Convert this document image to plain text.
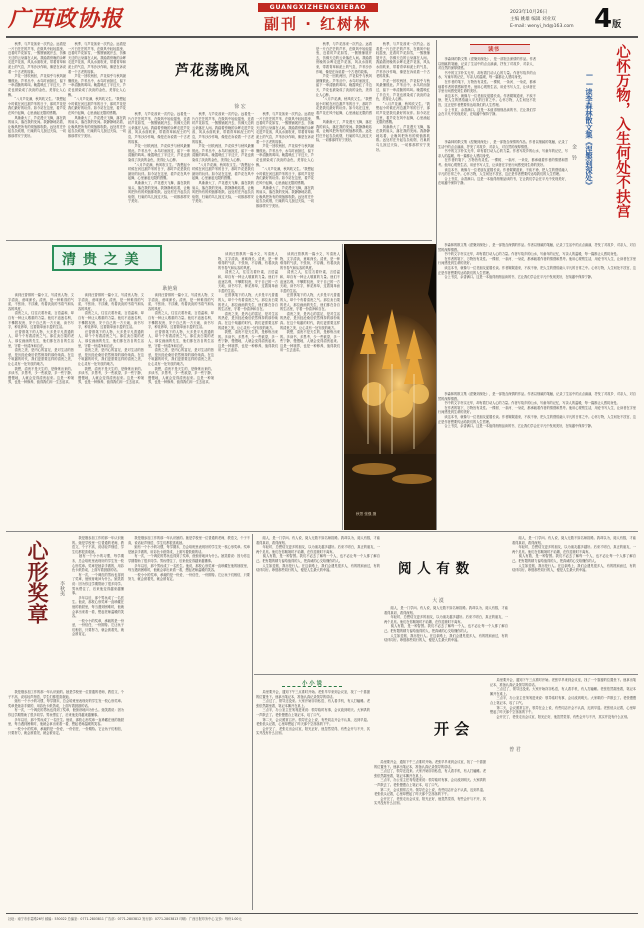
广西政协报	GUANGXIZHENGXIEBAO
副刊 · 红树林
2023年10月26日
主编 姚雄 编辑 刘业双
E-mail: wenyi_hd@163.com 4版
芦花荡晚风
徐 宏
　　秋季，与芦花荡来一次约会。远看是一片白茫茫的芦苇，在微风中轻轻摇曳，近看时芦花如雪，一簇簇铺展开去，仿佛天边的云朵落在人间。我踏着傍晚的余晖走进芦花荡，风从水面吹来，带着青草和泥土的气息，芦苇沙沙作响，像是在诉说着一个古老的故事。
　　芦花一回吹两回，芦花似乎与秋风最懂彼此。芦苇丛中，水鸟时而掠过，留下一串清脆的鸣叫。晚霞映红了半边天，芦花也被染成了淡淡的金色，美得让人心醉。
　　“八月芦花满，秋风吹又生。”我想起小时候在河边割芦苇的日子，那时芦花是我们最好的玩伴。如今站在这里，看芦花在风中起舞，心里涌起无限的感慨。
　　风渐渐大了，芦花漫天飞舞，落在我的肩头，落在我的发间。我静静地站着，让晚风把所有的烦恼都吹散。远处村庄升起袅袅炊烟，归巢的鸟儿掠过天际，一切都那样安宁美好。
　　秋季，与芦花荡来一次约会。远看是一片白茫茫的芦苇，在微风中轻轻摇曳，近看时芦花如雪，一簇簇铺展开去，仿佛天边的云朵落在人间。我踏着傍晚的余晖走进芦花荡，风从水面吹来，带着青草和泥土的气息，芦苇沙沙作响，像是在诉说着一个古老的故事。
　　芦花一回吹两回，芦花似乎与秋风最懂彼此。芦苇丛中，水鸟时而掠过，留下一串清脆的鸣叫。晚霞映红了半边天，芦花也被染成了淡淡的金色，美得让人心醉。
　　“八月芦花满，秋风吹又生。”我想起小时候在河边割芦苇的日子，那时芦花是我们最好的玩伴。如今站在这里，看芦花在风中起舞，心里涌起无限的感慨。
　　风渐渐大了，芦花漫天飞舞，落在我的肩头，落在我的发间。我静静地站着，让晚风把所有的烦恼都吹散。远处村庄升起袅袅炊烟，归巢的鸟儿掠过天际，一切都那样安宁美好。
　　秋季，与芦花荡来一次约会。远看是一片白茫茫的芦苇，在微风中轻轻摇曳，近看时芦花如雪，一簇簇铺展开去，仿佛天边的云朵落在人间。我踏着傍晚的余晖走进芦花荡，风从水面吹来，带着青草和泥土的气息，芦苇沙沙作响，像是在诉说着一个古老的故事。
　　芦花一回吹两回，芦花似乎与秋风最懂彼此。芦苇丛中，水鸟时而掠过，留下一串清脆的鸣叫。晚霞映红了半边天，芦花也被染成了淡淡的金色，美得让人心醉。
　　“八月芦花满，秋风吹又生。”我想起小时候在河边割芦苇的日子，那时芦花是我们最好的玩伴。如今站在这里，看芦花在风中起舞，心里涌起无限的感慨。
　　风渐渐大了，芦花漫天飞舞，落在我的肩头，落在我的发间。我静静地站着，让晚风把所有的烦恼都吹散。远处村庄升起袅袅炊烟，归巢的鸟儿掠过天际，一切都那样安宁美好。
　　秋季，与芦花荡来一次约会。远看是一片白茫茫的芦苇，在微风中轻轻摇曳，近看时芦花如雪，一簇簇铺展开去，仿佛天边的云朵落在人间。我踏着傍晚的余晖走进芦花荡，风从水面吹来，带着青草和泥土的气息，芦苇沙沙作响，像是在诉说着一个古老的故事。
　　芦花一回吹两回，芦花似乎与秋风最懂彼此。芦苇丛中，水鸟时而掠过，留下一串清脆的鸣叫。晚霞映红了半边天，芦花也被染成了淡淡的金色，美得让人心醉。
　　“八月芦花满，秋风吹又生。”我想起小时候在河边割芦苇的日子，那时芦花是我们最好的玩伴。如今站在这里，看芦花在风中起舞，心里涌起无限的感慨。
　　风渐渐大了，芦花漫天飞舞，落在我的肩头，落在我的发间。我静静地站着，让晚风把所有的烦恼都吹散。远处村庄升起袅袅炊烟，归巢的鸟儿掠过天际，一切都那样安宁美好。
　　秋季，与芦花荡来一次约会。远看是一片白茫茫的芦苇，在微风中轻轻摇曳，近看时芦花如雪，一簇簇铺展开去，仿佛天边的云朵落在人间。我踏着傍晚的余晖走进芦花荡，风从水面吹来，带着青草和泥土的气息，芦苇沙沙作响，像是在诉说着一个古老的故事。
　　芦花一回吹两回，芦花似乎与秋风最懂彼此。芦苇丛中，水鸟时而掠过，留下一串清脆的鸣叫。晚霞映红了半边天，芦花也被染成了淡淡的金色，美得让人心醉。
　　“八月芦花满，秋风吹又生。”我想起小时候在河边割芦苇的日子，那时芦花是我们最好的玩伴。如今站在这里，看芦花在风中起舞，心里涌起无限的感慨。
　　风渐渐大了，芦花漫天飞舞，落在我的肩头，落在我的发间。我静静地站着，让晚风把所有的烦恼都吹散。远处村庄升起袅袅炊烟，归巢的鸟儿掠过天际，一切都那样安宁美好。
　　秋季，与芦花荡来一次约会。远看是一片白茫茫的芦苇，在微风中轻轻摇曳，近看时芦花如雪，一簇簇铺展开去，仿佛天边的云朵落在人间。我踏着傍晚的余晖走进芦花荡，风从水面吹来，带着青草和泥土的气息，芦苇沙沙作响，像是在诉说着一个古老的故事。
　　芦花一回吹两回，芦花似乎与秋风最懂彼此。芦苇丛中，水鸟时而掠过，留下一串清脆的鸣叫。晚霞映红了半边天，芦花也被染成了淡淡的金色，美得让人心醉。
　　“八月芦花满，秋风吹又生。”我想起小时候在河边割芦苇的日子，那时芦花是我们最好的玩伴。如今站在这里，看芦花在风中起舞，心里涌起无限的感慨。
　　风渐渐大了，芦花漫天飞舞，落在我的肩头，落在我的发间。我静静地站着，让晚风把所有的烦恼都吹散。远处村庄升起袅袅炊烟，归巢的鸟儿掠过天际，一切都那样安宁美好。
　　秋季，与芦花荡来一次约会。远看是一片白茫茫的芦苇，在微风中轻轻摇曳，近看时芦花如雪，一簇簇铺展开去，仿佛天边的云朵落在人间。我踏着傍晚的余晖走进芦花荡，风从水面吹来，带着青草和泥土的气息，芦苇沙沙作响，像是在诉说着一个古老的故事。
　　芦花一回吹两回，芦花似乎与秋风最懂彼此。芦苇丛中，水鸟时而掠过，留下一串清脆的鸣叫。晚霞映红了半边天，芦花也被染成了淡淡的金色，美得让人心醉。
　　“八月芦花满，秋风吹又生。”我想起小时候在河边割芦苇的日子，那时芦花是我们最好的玩伴。如今站在这里，看芦花在风中起舞，心里涌起无限的感慨。
　　风渐渐大了，芦花漫天飞舞，落在我的肩头，落在我的发间。我静静地站着，让晚风把所有的烦恼都吹散。远处村庄升起袅袅炊烟，归巢的鸟儿掠过天际，一切都那样安宁美好。
清 贵 之 美
耿艳菊
　　读到汪曾祺的一篇小文，写清贵人物，文字清淡，意味深长。清贵，是一种难得的气质，不张扬，不浮躁，有着淡淡的书卷气和从容的风度。
　　清贵之人，往往衣着朴素，言语温和，却自有一种让人敬重的力量。他们不追逐名利，不攀附权贵，安于自己的一方天地，读书写字，种花养草，过着简单而丰盈的生活。
　　汪曾祺笔下的人物，大多是平凡普通的人，却个个有着清贵之气。那位卖白果的老人，那位画画的先生，他们都在各自的生活里，守着一份清净和自在。
　　清贵之美，是内心的富足，是对生活的热爱，是历经沧桑后依然保持的那份纯真。在这个喧嚣的时代，我们更需要这样的清贵之美，让心灵有一处安放的地方。
　　我想，清贵不是天生的，是修炼出来的。多读书，多思考，少一些欲望，多一些宁静，慢慢地，人就会变得清贵起来。这是一种境界，也是一种修养，值得我们用一生去追求。
　　读到汪曾祺的一篇小文，写清贵人物，文字清淡，意味深长。清贵，是一种难得的气质，不张扬，不浮躁，有着淡淡的书卷气和从容的风度。
　　清贵之人，往往衣着朴素，言语温和，却自有一种让人敬重的力量。他们不追逐名利，不攀附权贵，安于自己的一方天地，读书写字，种花养草，过着简单而丰盈的生活。
　　汪曾祺笔下的人物，大多是平凡普通的人，却个个有着清贵之气。那位卖白果的老人，那位画画的先生，他们都在各自的生活里，守着一份清净和自在。
　　清贵之美，是内心的富足，是对生活的热爱，是历经沧桑后依然保持的那份纯真。在这个喧嚣的时代，我们更需要这样的清贵之美，让心灵有一处安放的地方。
　　我想，清贵不是天生的，是修炼出来的。多读书，多思考，少一些欲望，多一些宁静，慢慢地，人就会变得清贵起来。这是一种境界，也是一种修养，值得我们用一生去追求。
　　读到汪曾祺的一篇小文，写清贵人物，文字清淡，意味深长。清贵，是一种难得的气质，不张扬，不浮躁，有着淡淡的书卷气和从容的风度。
　　清贵之人，往往衣着朴素，言语温和，却自有一种让人敬重的力量。他们不追逐名利，不攀附权贵，安于自己的一方天地，读书写字，种花养草，过着简单而丰盈的生活。
　　汪曾祺笔下的人物，大多是平凡普通的人，却个个有着清贵之气。那位卖白果的老人，那位画画的先生，他们都在各自的生活里，守着一份清净和自在。
　　清贵之美，是内心的富足，是对生活的热爱，是历经沧桑后依然保持的那份纯真。在这个喧嚣的时代，我们更需要这样的清贵之美，让心灵有一处安放的地方。
　　我想，清贵不是天生的，是修炼出来的。多读书，多思考，少一些欲望，多一些宁静，慢慢地，人就会变得清贵起来。这是一种境界，也是一种修养，值得我们用一生去追求。
　　读到汪曾祺的一篇小文，写清贵人物，文字清淡，意味深长。清贵，是一种难得的气质，不张扬，不浮躁，有着淡淡的书卷气和从容的风度。
　　清贵之人，往往衣着朴素，言语温和，却自有一种让人敬重的力量。他们不追逐名利，不攀附权贵，安于自己的一方天地，读书写字，种花养草，过着简单而丰盈的生活。
　　汪曾祺笔下的人物，大多是平凡普通的人，却个个有着清贵之气。那位卖白果的老人，那位画画的先生，他们都在各自的生活里，守着一份清净和自在。
　　清贵之美，是内心的富足，是对生活的热爱，是历经沧桑后依然保持的那份纯真。在这个喧嚣的时代，我们更需要这样的清贵之美，让心灵有一处安放的地方。
　　我想，清贵不是天生的，是修炼出来的。多读书，多思考，少一些欲望，多一些宁静，慢慢地，人就会变得清贵起来。这是一种境界，也是一种修养，值得我们用一生去追求。
　　读到汪曾祺的一篇小文，写清贵人物，文字清淡，意味深长。清贵，是一种难得的气质，不张扬，不浮躁，有着淡淡的书卷气和从容的风度。
　　清贵之人，往往衣着朴素，言语温和，却自有一种让人敬重的力量。他们不追逐名利，不攀附权贵，安于自己的一方天地，读书写字，种花养草，过着简单而丰盈的生活。
　　汪曾祺笔下的人物，大多是平凡普通的人，却个个有着清贵之气。那位卖白果的老人，那位画画的先生，他们都在各自的生活里，守着一份清净和自在。
　　清贵之美，是内心的富足，是对生活的热爱，是历经沧桑后依然保持的那份纯真。在这个喧嚣的时代，我们更需要这样的清贵之美，让心灵有一处安放的地方。
　　我想，清贵不是天生的，是修炼出来的。多读书，多思考，少一些欲望，多一些宁静，慢慢地，人就会变得清贵起来。这是一种境界，也是一种修养，值得我们用一生去追求。
秋景 张强 摄
读书
　　李森林的散文集《涅槃到深处》，是一部饱含深情的作品。作者以细腻的笔触，记录了生活中的点点滴滴，抒发了对故乡、对亲人、对自然的深厚情感。
　　书中的文字朴实无华，却有着打动人心的力量。作者写故乡的山水，写童年的记忆，写亲人的温暖，每一篇都让人感同身受。
　　在作者的笔下，万物皆有灵性。一棵树、一条河、一朵花，都承载着作者的情感和思考。他用心观察生活，用爱书写人生，让读者在字里行间感受到生命的美好。
　　读这本书，就像与一位老朋友促膝长谈。作者娓娓道来，不疾不徐，把人生的感悟融入平凡的日常之中。心怀万物，人生何处不扶宫，这正是作者想要传达给我们的人生哲理。
　　合上书页，余香满口。这是一本值得细细品读的书，它让我们学会在平凡中发现美好，在喧嚣中保持宁静。
　　李森林的散文集《涅槃到深处》，是一部饱含深情的作品。作者以细腻的笔触，记录了生活中的点点滴滴，抒发了对故乡、对亲人、对自然的深厚情感。
　　书中的文字朴实无华，却有着打动人心的力量。作者写故乡的山水，写童年的记忆，写亲人的温暖，每一篇都让人感同身受。
　　在作者的笔下，万物皆有灵性。一棵树、一条河、一朵花，都承载着作者的情感和思考。他用心观察生活，用爱书写人生，让读者在字里行间感受到生命的美好。
　　读这本书，就像与一位老朋友促膝长谈。作者娓娓道来，不疾不徐，把人生的感悟融入平凡的日常之中。心怀万物，人生何处不扶宫，这正是作者想要传达给我们的人生哲理。
　　合上书页，余香满口。这是一本值得细细品读的书，它让我们学会在平凡中发现美好，在喧嚣中保持宁静。
　　李森林的散文集《涅槃到深处》，是一部饱含深情的作品。作者以细腻的笔触，记录了生活中的点点滴滴，抒发了对故乡、对亲人、对自然的深厚情感。
　　书中的文字朴实无华，却有着打动人心的力量。作者写故乡的山水，写童年的记忆，写亲人的温暖，每一篇都让人感同身受。
　　在作者的笔下，万物皆有灵性。一棵树、一条河、一朵花，都承载着作者的情感和思考。他用心观察生活，用爱书写人生，让读者在字里行间感受到生命的美好。
　　读这本书，就像与一位老朋友促膝长谈。作者娓娓道来，不疾不徐，把人生的感悟融入平凡的日常之中。心怀万物，人生何处不扶宫，这正是作者想要传达给我们的人生哲理。
　　合上书页，余香满口。这是一本值得细细品读的书，它让我们学会在平凡中发现美好，在喧嚣中保持宁静。
　　李森林的散文集《涅槃到深处》，是一部饱含深情的作品。作者以细腻的笔触，记录了生活中的点点滴滴，抒发了对故乡、对亲人、对自然的深厚情感。
　　书中的文字朴实无华，却有着打动人心的力量。作者写故乡的山水，写童年的记忆，写亲人的温暖，每一篇都让人感同身受。
　　在作者的笔下，万物皆有灵性。一棵树、一条河、一朵花，都承载着作者的情感和思考。他用心观察生活，用爱书写人生，让读者在字里行间感受到生命的美好。
　　读这本书，就像与一位老朋友促膝长谈。作者娓娓道来，不疾不徐，把人生的感悟融入平凡的日常之中。心怀万物，人生何处不扶宫，这正是作者想要传达给我们的人生哲理。
　　合上书页，余香满口。这是一本值得细细品读的书，它让我们学会在平凡中发现美好，在喧嚣中保持宁静。
心怀万物，入生何处不扶宫
——读李森林散文集《涅槃到深处》
金 铃
心形奖章	李秋夷
　　我是刚参加工作的那一年认识她的。她是学校里一位普通的老师，教语文，个子不高，说话轻声细语，学生们都很喜欢她。
　　她有一个小小的习惯，每学期末，总会给班里表现好的学生发一枚心形奖章。奖章是她亲手做的，用彩色卡纸剪成，上面写着鼓励的话。
　　有一次，一个调皮的男孩也得到了奖章，他惊讶地问为什么。她笑着说：因为你这学期帮助了很多同学。男孩愣住了，后来他变得越来越懂事。
　　多年以后，那个男孩成了一名医生。他说，那枚心形奖章一直珍藏在他的抽屉里，每当遇到困难时，他就会拿出来看一看，想起老师温暖的笑容。
　　一枚小小的奖章，承载的是一份爱，一份信任，一份期待。它让孩子们相信，只要努力，就会被看见，就会被肯定。
　　我是刚参加工作的那一年认识她的。她是学校里一位普通的老师，教语文，个子不高，说话轻声细语，学生们都很喜欢她。
　　她有一个小小的习惯，每学期末，总会给班里表现好的学生发一枚心形奖章。奖章是她亲手做的，用彩色卡纸剪成，上面写着鼓励的话。
　　有一次，一个调皮的男孩也得到了奖章，他惊讶地问为什么。她笑着说：因为你这学期帮助了很多同学。男孩愣住了，后来他变得越来越懂事。
　　多年以后，那个男孩成了一名医生。他说，那枚心形奖章一直珍藏在他的抽屉里，每当遇到困难时，他就会拿出来看一看，想起老师温暖的笑容。
　　一枚小小的奖章，承载的是一份爱，一份信任，一份期待。它让孩子们相信，只要努力，就会被看见，就会被肯定。
　　我是刚参加工作的那一年认识她的。她是学校里一位普通的老师，教语文，个子不高，说话轻声细语，学生们都很喜欢她。
　　她有一个小小的习惯，每学期末，总会给班里表现好的学生发一枚心形奖章。奖章是她亲手做的，用彩色卡纸剪成，上面写着鼓励的话。
　　有一次，一个调皮的男孩也得到了奖章，他惊讶地问为什么。她笑着说：因为你这学期帮助了很多同学。男孩愣住了，后来他变得越来越懂事。
　　多年以后，那个男孩成了一名医生。他说，那枚心形奖章一直珍藏在他的抽屉里，每当遇到困难时，他就会拿出来看一看，想起老师温暖的笑容。
　　一枚小小的奖章，承载的是一份爱，一份信任，一份期待。它让孩子们相信，只要努力，就会被看见，就会被肯定。
阅 人 有 数
大 漠
　　阅人，是一门学问。有人说，阅人无数不如名师指路。我却以为，阅人有数，才能看得真切，看得深刻。
　　年轻时，总想结交更多的朋友，以为朋友越多越好。后来才明白，真正的朋友，一两个足矣。他们在你顺境时不谄媚，在你逆境时不离弃。
　　阅人有数，是一种智慧。我们不必去了解每一个人，也不必让每一个人都了解自己。把有限的精力留给值得的人，把真诚的心交给懂你的人。
　　人生如逆旅，我亦是行人。在这条路上，我们会遇见很多人，有的擦肩而过，有的结伴同行。珍惜那些同行的人，便是人生最大的幸福。
　　阅人，是一门学问。有人说，阅人无数不如名师指路。我却以为，阅人有数，才能看得真切，看得深刻。
　　年轻时，总想结交更多的朋友，以为朋友越多越好。后来才明白，真正的朋友，一两个足矣。他们在你顺境时不谄媚，在你逆境时不离弃。
　　阅人有数，是一种智慧。我们不必去了解每一个人，也不必让每一个人都了解自己。把有限的精力留给值得的人，把真诚的心交给懂你的人。
　　人生如逆旅，我亦是行人。在这条路上，我们会遇见很多人，有的擦肩而过，有的结伴同行。珍惜那些同行的人，便是人生最大的幸福。
　　阅人，是一门学问。有人说，阅人无数不如名师指路。我却以为，阅人有数，才能看得真切，看得深刻。
　　年轻时，总想结交更多的朋友，以为朋友越多越好。后来才明白，真正的朋友，一两个足矣。他们在你顺境时不谄媚，在你逆境时不离弃。
　　阅人有数，是一种智慧。我们不必去了解每一个人，也不必让每一个人都了解自己。把有限的精力留给值得的人，把真诚的心交给懂你的人。
　　人生如逆旅，我亦是行人。在这条路上，我们会遇见很多人，有的擦肩而过，有的结伴同行。珍惜那些同行的人，便是人生最大的幸福。
小 小 说
开 会
曾 君
　　局里要开会，通知下午三点准时开始。老张早早来到会议室，找了一个靠窗的位置坐下。他拿出笔记本，准备认真记录领导的讲话。
　　三点过了，领导还没来。大家开始窃窃私语，有人看手机，有人打瞌睡。老张依然端坐着，笔记本摊开在桌上。
　　三点半，办公室主任匆匆进来说：领导临时有事，会议改到明天。大家哄的一声散去了。老张慢慢合上笔记本，叹了口气。
　　第二天，会议照常召开。领导在会上说，有些同志开会不认真，迟到早退。老张低头记着，心里却想起了昨天那个空荡荡的下午。
　　会开完了，老张走出会议室，阳光正好，他忽然觉得，有些会开与不开，其实并没有什么区别。
　　局里要开会，通知下午三点准时开始。老张早早来到会议室，找了一个靠窗的位置坐下。他拿出笔记本，准备认真记录领导的讲话。
　　三点过了，领导还没来。大家开始窃窃私语，有人看手机，有人打瞌睡。老张依然端坐着，笔记本摊开在桌上。
　　三点半，办公室主任匆匆进来说：领导临时有事，会议改到明天。大家哄的一声散去了。老张慢慢合上笔记本，叹了口气。
　　第二天，会议照常召开。领导在会上说，有些同志开会不认真，迟到早退。老张低头记着，心里却想起了昨天那个空荡荡的下午。
　　会开完了，老张走出会议室，阳光正好，他忽然觉得，有些会开与不开，其实并没有什么区别。
　　局里要开会，通知下午三点准时开始。老张早早来到会议室，找了一个靠窗的位置坐下。他拿出笔记本，准备认真记录领导的讲话。
　　三点过了，领导还没来。大家开始窃窃私语，有人看手机，有人打瞌睡。老张依然端坐着，笔记本摊开在桌上。
　　三点半，办公室主任匆匆进来说：领导临时有事，会议改到明天。大家哄的一声散去了。老张慢慢合上笔记本，叹了口气。
　　第二天，会议照常召开。领导在会上说，有些同志开会不认真，迟到早退。老张低头记着，心里却想起了昨天那个空荡荡的下午。
　　会开完了，老张走出会议室，阳光正好，他忽然觉得，有些会开与不开，其实并没有什么区别。
社址：南宁市东葛路26号 邮编：530022 总编室：0771-2803811 广告部：0771-2803812 发行部：0771-2803813 印刷：广西日报印务中心 定价：每份1.00元
